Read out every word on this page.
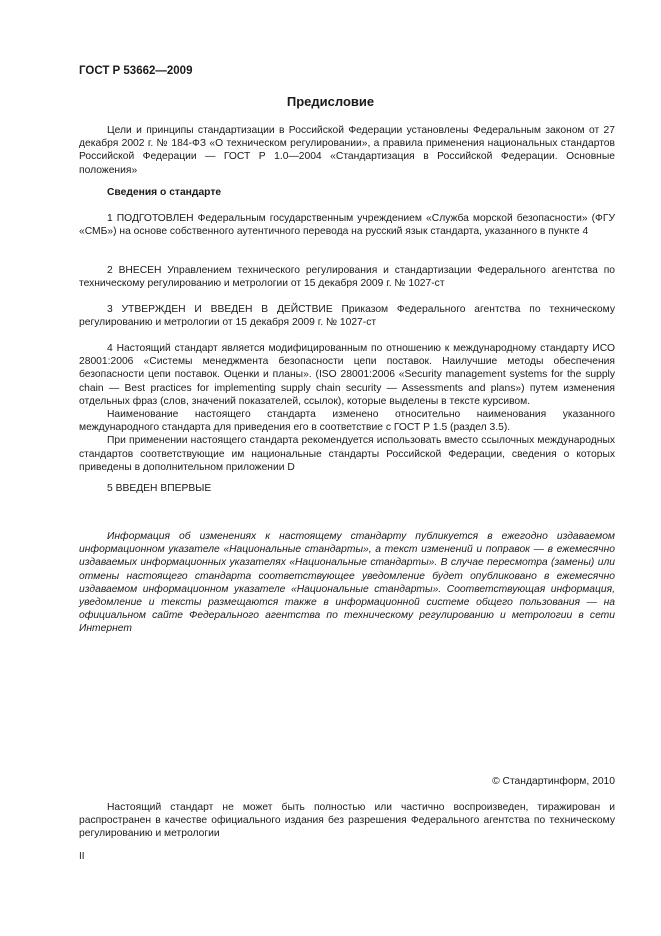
ГОСТ Р 53662—2009
Предисловие

Цели и принципы стандартизации в Российской Федерации установлены Федеральным законом от 27 декабря 2002 г. № 184-ФЗ «О техническом регулировании», а правила применения национальных стандартов Российской Федерации — ГОСТ Р 1.0—2004 «Стандартизация в Российской Федерации. Основные положения»

Сведения о стандарте

1 ПОДГОТОВЛЕН Федеральным государственным учреждением «Служба морской безопасности» (ФГУ «СМБ») на основе собственного аутентичного перевода на русский язык стандарта, указанного в пункте 4

2 ВНЕСЕН Управлением технического регулирования и стандартизации Федерального агентства по техническому регулированию и метрологии от 15 декабря 2009 г. № 1027-ст

3 УТВЕРЖДЕН И ВВЕДЕН В ДЕЙСТВИЕ Приказом Федерального агентства по техническому регулированию и метрологии от 15 декабря 2009 г. № 1027-ст

4 Настоящий стандарт является модифицированным по отношению к международному стандарту ИСО 28001:2006 «Системы менеджмента безопасности цепи поставок. Наилучшие методы обеспечения безопасности цепи поставок. Оценки и планы». (ISO 28001:2006 «Security management systems for the supply chain — Best practices for implementing supply chain security — Assessments and plans») путем изменения отдельных фраз (слов, значений показателей, ссылок), которые выделены в тексте курсивом.

Наименование настоящего стандарта изменено относительно наименования указанного международного стандарта для приведения его в соответствие с ГОСТ Р 1.5 (раздел 3.5).

При применении настоящего стандарта рекомендуется использовать вместо ссылочных международных стандартов соответствующие им национальные стандарты Российской Федерации, сведения о которых приведены в дополнительном приложении D

5 ВВЕДЕН ВПЕРВЫЕ

Информация об изменениях к настоящему стандарту публикуется в ежегодно издаваемом информационном указателе «Национальные стандарты», а текст изменений и поправок — в ежемесячно издаваемых информационных указателях «Национальные стандарты». В случае пересмотра (замены) или отмены настоящего стандарта соответствующее уведомление будет опубликовано в ежемесячно издаваемом информационном указателе «Национальные стандарты». Соответствующая информация, уведомление и тексты размещаются также в информационной системе общего пользования — на официальном сайте Федерального агентства по техническому регулированию и метрологии в сети Интернет

© Стандартинформ, 2010

Настоящий стандарт не может быть полностью или частично воспроизведен, тиражирован и распространен в качестве официального издания без разрешения Федерального агентства по техническому регулированию и метрологии

II
